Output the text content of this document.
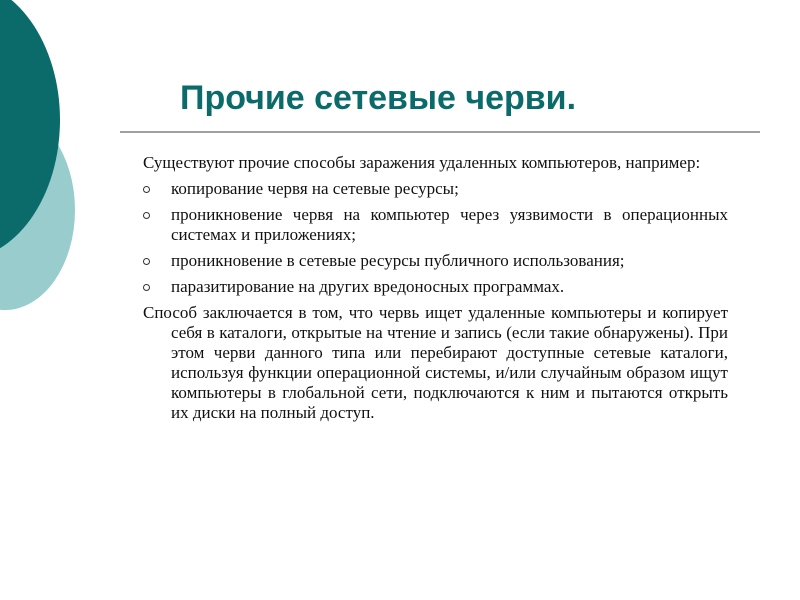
Прочие сетевые черви.

Существуют прочие способы заражения удаленных компьютеров, например:

копирование червя на сетевые ресурсы;
проникновение червя на компьютер через уязвимости в операционных системах и приложениях;
проникновение в сетевые ресурсы публичного использования;
паразитирование на других вредоносных программах.

Способ заключается в том, что червь ищет удаленные компьютеры и копирует себя в каталоги, открытые на чтение и запись (если такие обнаружены). При этом черви данного типа или перебирают доступные сетевые каталоги, используя функции операционной системы, и/или случайным образом ищут компьютеры в глобальной сети, подключаются к ним и пытаются открыть их диски на полный доступ.
